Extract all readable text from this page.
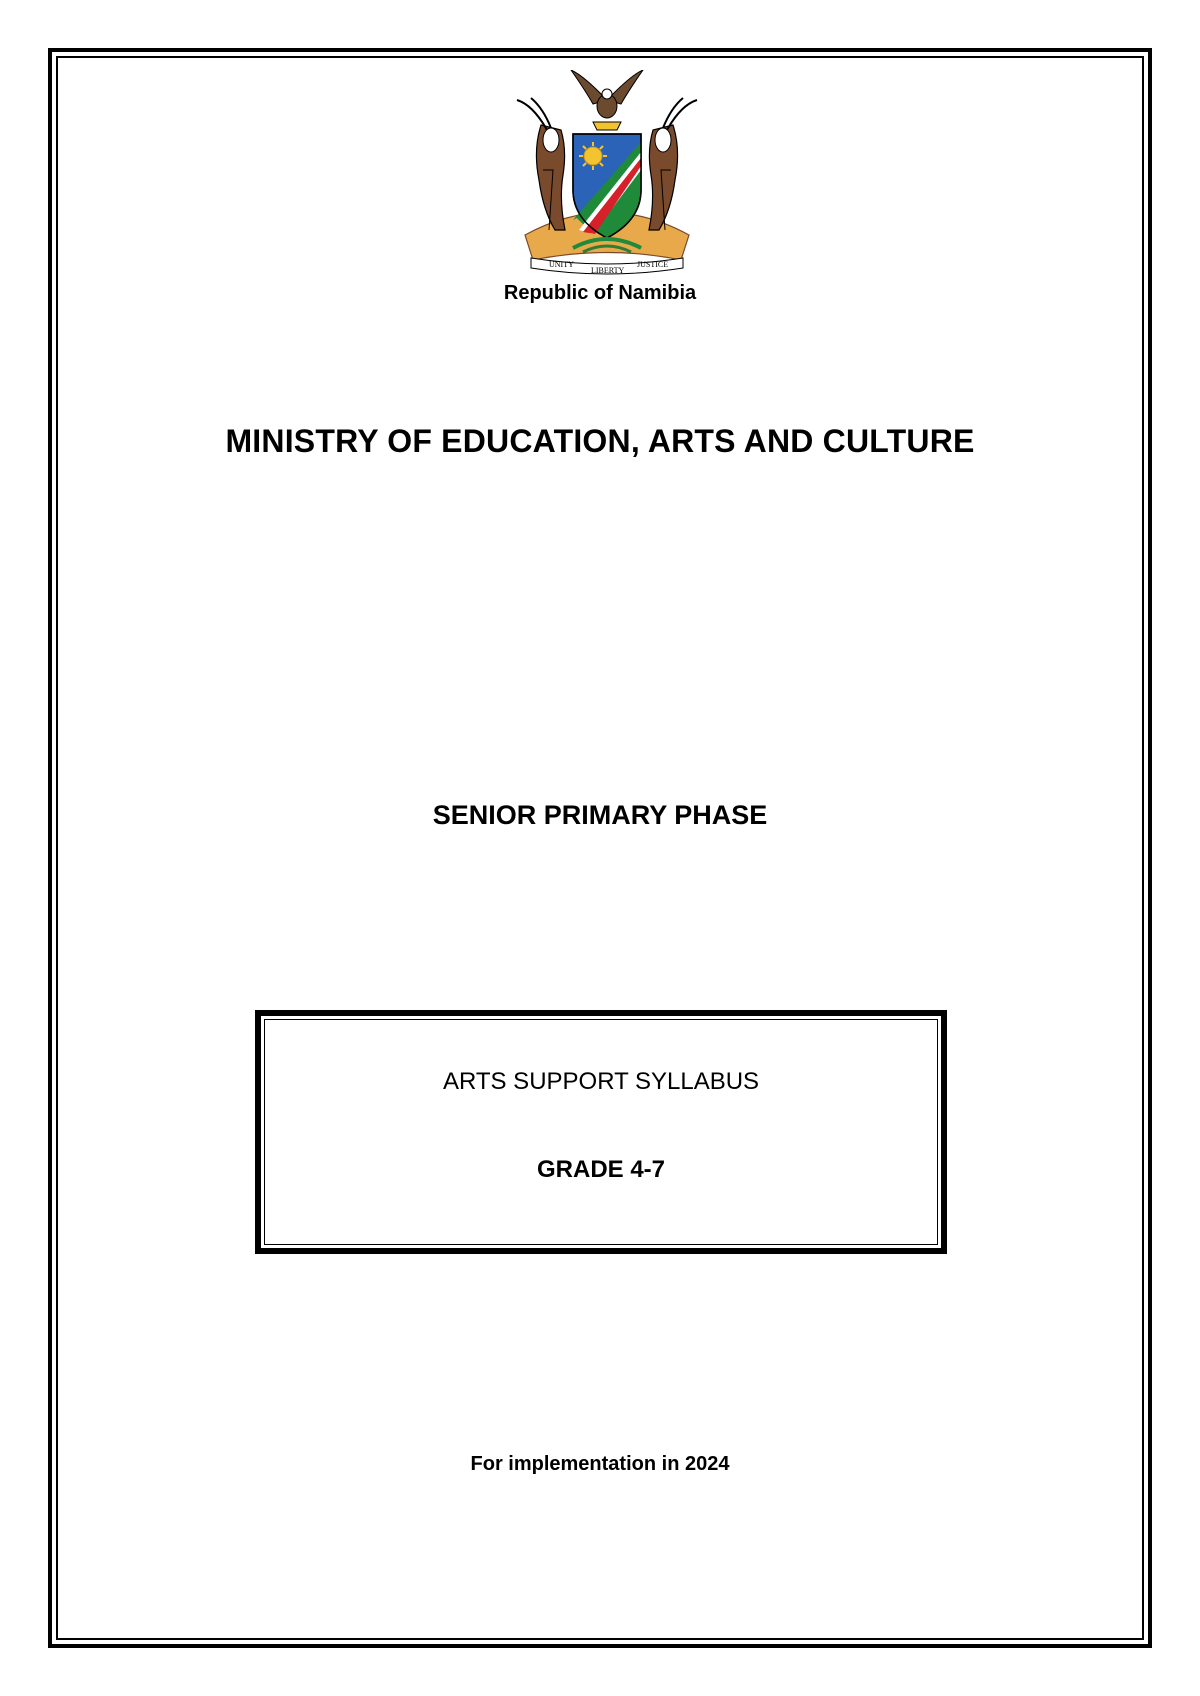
UNITY
LIBERTY
JUSTICE
Republic of Namibia
MINISTRY OF EDUCATION, ARTS AND CULTURE
SENIOR PRIMARY PHASE
ARTS SUPPORT SYLLABUS
GRADE 4-7
For implementation in 2024
